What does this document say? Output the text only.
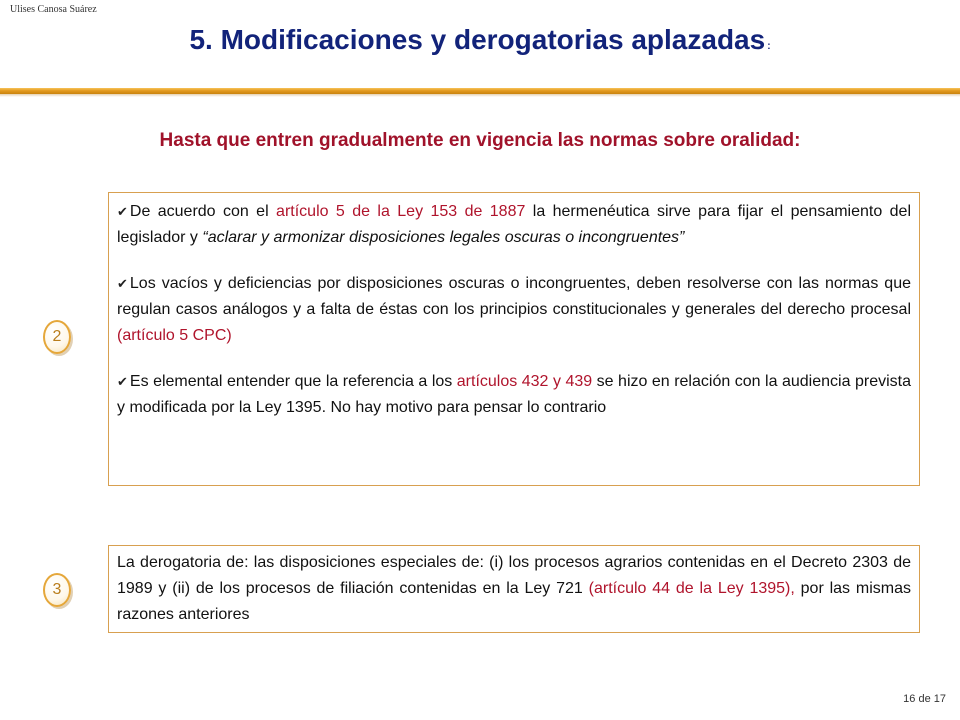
Ulises Canosa Suárez
5. Modificaciones y derogatorias aplazadas :
Hasta que entren gradualmente en vigencia las normas sobre oralidad:
2

✔ De acuerdo con el artículo 5 de la Ley 153 de 1887 la hermenéutica sirve para fijar el pensamiento del legislador y “aclarar y armonizar disposiciones legales oscuras o incongruentes”

✔ Los vacíos y deficiencias por disposiciones oscuras o incongruentes, deben resolverse con las normas que regulan casos análogos y a falta de éstas con los principios constitucionales y generales del derecho procesal (artículo 5 CPC)

✔ Es elemental entender que la referencia a los artículos 432 y 439 se hizo en relación con la audiencia prevista y modificada por la Ley 1395. No hay motivo para pensar lo contrario

3

La derogatoria de: las disposiciones especiales de: (i) los procesos agrarios contenidas en el Decreto 2303 de 1989 y (ii) de los procesos de filiación contenidas en la Ley 721 (artículo 44 de la Ley 1395), por las mismas razones anteriores

16 de 17
